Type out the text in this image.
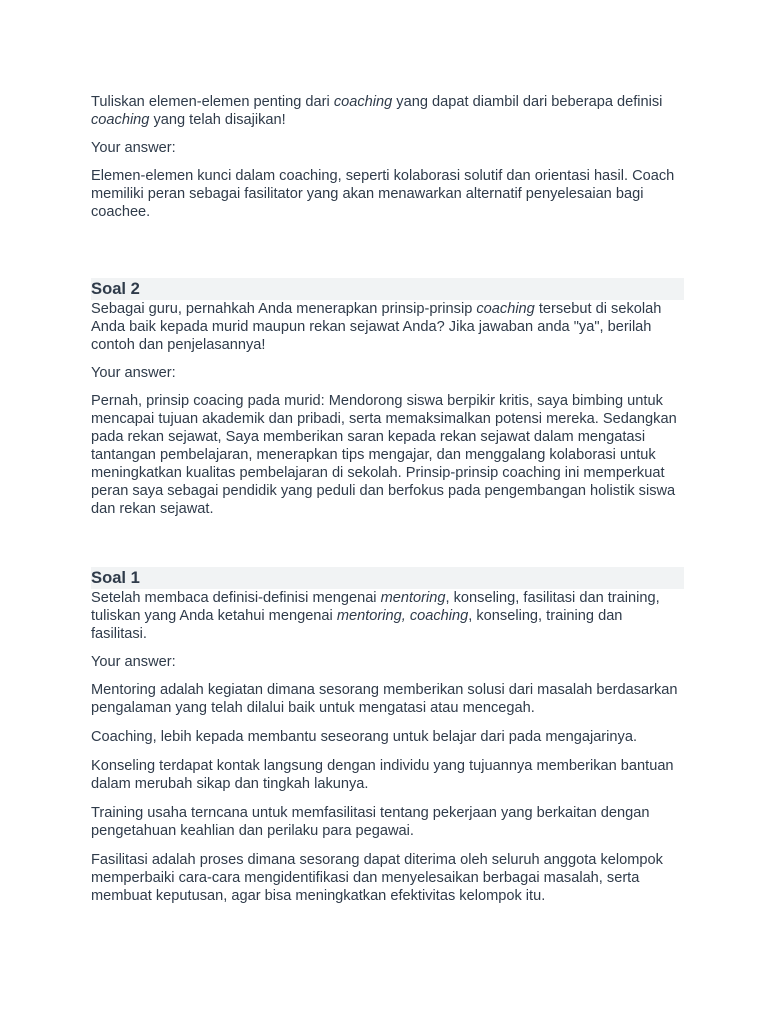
Tuliskan elemen-elemen penting dari coaching yang dapat diambil dari beberapa definisi coaching yang telah disajikan!

Your answer:

Elemen-elemen kunci dalam coaching, seperti kolaborasi solutif dan orientasi hasil. Coach memiliki peran sebagai fasilitator yang akan menawarkan alternatif penyelesaian bagi coachee.

Soal 2

Sebagai guru, pernahkah Anda menerapkan prinsip-prinsip coaching tersebut di sekolah Anda baik kepada murid maupun rekan sejawat Anda? Jika jawaban anda "ya", berilah contoh dan penjelasannya!

Your answer:

Pernah, prinsip coacing pada murid: Mendorong siswa berpikir kritis, saya bimbing untuk mencapai tujuan akademik dan pribadi, serta memaksimalkan potensi mereka. Sedangkan pada rekan sejawat, Saya memberikan saran kepada rekan sejawat dalam mengatasi tantangan pembelajaran, menerapkan tips mengajar, dan menggalang kolaborasi untuk meningkatkan kualitas pembelajaran di sekolah. Prinsip-prinsip coaching ini memperkuat peran saya sebagai pendidik yang peduli dan berfokus pada pengembangan holistik siswa dan rekan sejawat.

Soal 1

Setelah membaca definisi-definisi mengenai mentoring, konseling, fasilitasi dan training, tuliskan yang Anda ketahui mengenai mentoring, coaching, konseling, training dan fasilitasi.

Your answer:

Mentoring adalah kegiatan dimana sesorang memberikan solusi dari masalah berdasarkan pengalaman yang telah dilalui baik untuk mengatasi atau mencegah.

Coaching, lebih kepada membantu seseorang untuk belajar dari pada mengajarinya.

Konseling terdapat kontak langsung dengan individu yang tujuannya memberikan bantuan dalam merubah sikap dan tingkah lakunya.

Training usaha terncana untuk memfasilitasi tentang pekerjaan yang berkaitan dengan pengetahuan keahlian dan perilaku para pegawai.

Fasilitasi adalah proses dimana sesorang dapat diterima oleh seluruh anggota kelompok memperbaiki cara-cara mengidentifikasi dan menyelesaikan berbagai masalah, serta membuat keputusan, agar bisa meningkatkan efektivitas kelompok itu.
